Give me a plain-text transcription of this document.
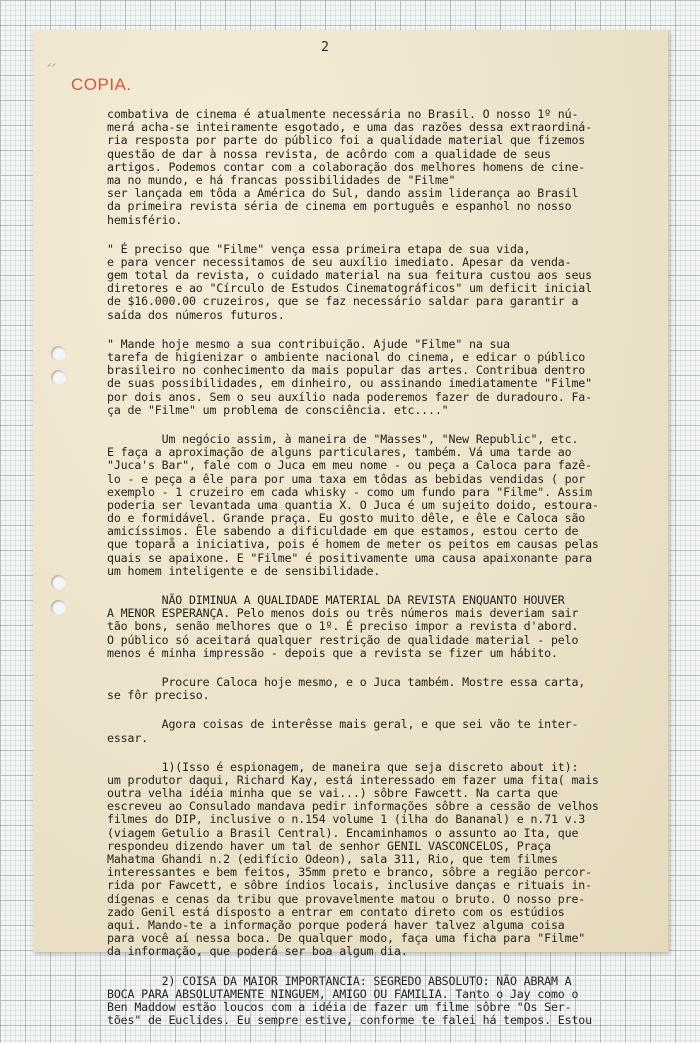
⸝⸝
2
COPIA.
combativa de cinema é atualmente necessária no Brasil. O nosso 1º nú-
merá acha-se inteiramente esgotado, e uma das razões dessa extraordiná-
ria resposta por parte do público foi a qualidade material que fizemos
questão de dar à nossa revista, de acôrdo com a qualidade de seus
artigos. Podemos contar com a colaboração dos melhores homens de cine-
ma no mundo, e há francas possibilidades de "Filme"
ser lançada em tôda a América do Sul, dando assim liderança ao Brasil
da primeira revista séria de cinema em português e espanhol no nosso
hemisfério.
" É preciso que "Filme" vença essa primeira etapa de sua vida,
e para vencer necessitamos de seu auxílio imediato. Apesar da venda-
gem total da revista, o cuidado material na sua feitura custou aos seus
diretores e ao "Círculo de Estudos Cinematográficos" um deficit inicial
de $16.000.00 cruzeiros, que se faz necessário saldar para garantir a
saída dos números futuros.
" Mande hoje mesmo a sua contribuição. Ajude "Filme" na sua
tarefa de higienizar o ambiente nacional do cinema, e edicar o público
brasileiro no conhecimento da mais popular das artes. Contribua dentro
de suas possibilidades, em dinheiro, ou assinando imediatamente "Filme"
por dois anos. Sem o seu auxílio nada poderemos fazer de duradouro. Fa-
ça de "Filme" um problema de consciência. etc...."
Um negócio assim, à maneira de "Masses", "New Republic", etc.
E faça a aproximação de alguns particulares, também. Vá uma tarde ao
"Juca's Bar", fale com o Juca em meu nome - ou peça a Caloca para fazê-
lo - e peça a êle para por uma taxa em tôdas as bebidas vendidas ( por
exemplo - 1 cruzeiro em cada whisky - como um fundo para "Filme". Assim
poderia ser levantada uma quantia X. O Juca é um sujeito doido, estoura-
do e formidável. Grande praça. Eu gosto muito dêle, e êle e Caloca são
amicíssimos. Êle sabendo a dificuldade em que estamos, estou certo de
que toparå a iniciativa, pois é homem de meter os peitos em causas pelas
quais se apaixone. E "Filme" é positivamente uma causa apaixonante para
um homem inteligente e de sensibilidade.
NÃO DIMINUA A QUALIDADE MATERIAL DA REVISTA ENQUANTO HOUVER
A MENOR ESPERANÇA. Pelo menos dois ou três números mais deveriam sair
tão bons, senão melhores que o 1º. É preciso impor a revista d'abord.
O público só aceitará qualquer restrição de qualidade material - pelo
menos é minha impressão - depois que a revista se fizer um hábito.
Procure Caloca hoje mesmo, e o Juca também. Mostre essa carta,
se fôr preciso.
Agora coisas de interêsse mais geral, e que sei vão te inter-
essar.
1)(Isso é espionagem, de maneira que seja discreto about it):
um produtor daqui, Richard Kay, está interessado em fazer uma fita( mais
outra velha idéia minha que se vai...) sôbre Fawcett. Na carta que
escreveu ao Consulado mandava pedir informações sôbre a cessão de velhos
filmes do DIP, inclusive o n.154 volume 1 (ilha do Bananal) e n.71 v.3
(viagem Getulio a Brasil Central). Encaminhamos o assunto ao Ita, que
respondeu dizendo haver um tal de senhor GENIL VASCONCELOS, Praça
Mahatma Ghandi n.2 (edifício Odeon), sala 311, Rio, que tem filmes
interessantes e bem feitos, 35mm preto e branco, sôbre a região percor-
rida por Fawcett, e sôbre índios locais, inclusive danças e rituais in-
dígenas e cenas da tribu que provavelmente matou o bruto. O nosso pre-
zado Genil está disposto a entrar em contato direto com os estúdios
aqui. Mando-te a informação porque poderá haver talvez alguma coisa
para você aí nessa boca. De qualquer modo, faça uma ficha para "Filme"
da informação, que poderá ser boa algum dia.
2) COISA DA MAIOR IMPORTANCIA: SEGREDO ABSOLUTO: NÃO ABRAM A
BOCA PARA ABSOLUTAMENTE NINGUEM, AMIGO OU FAMILIA. Tanto o Jay como o
Ben Maddow estão loucos com a idéia de fazer um filme sôbre "Os Ser-
tões" de Euclides. Eu sempre estive, conforme te falei há tempos. Estou
